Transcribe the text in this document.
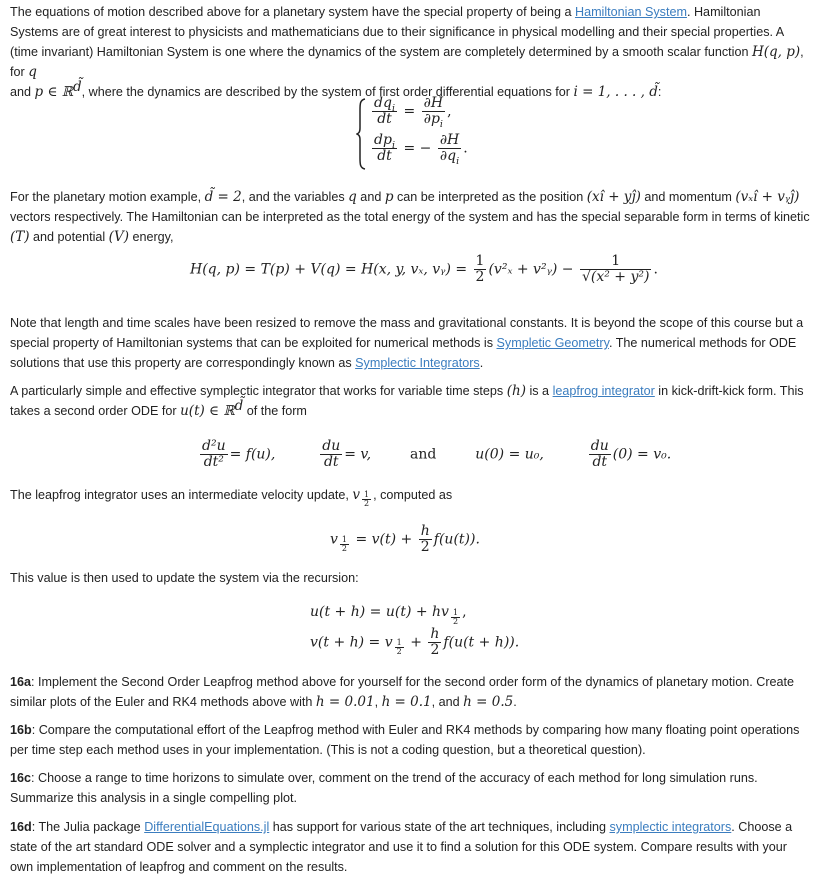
The equations of motion described above for a planetary system have the special property of being a Hamiltonian System. Hamiltonian Systems are of great interest to physicists and mathematicians due to their significance in physical modelling and their special properties. A (time invariant) Hamiltonian System is one where the dynamics of the system are completely determined by a smooth scalar function H(q, p), for q
and p ∈ ℝ$^{d̃}$, where the dynamics are described by the system of first order differential equations for i = 1, . . . , d̃:
$\frac{dq_i}{dt} = \frac{\partial H}{\partial p_i}$ ,
$\frac{dp_i}{dt}$ = − $\frac{\partial H}{\partial q_i}$ .
For the planetary motion example, d̃ = 2, and the variables q and p can be interpreted as the position (xî + yĵ) and momentum (vₓî + vᵧĵ) vectors respectively. The Hamiltonian can be interpreted as the total energy of the system and has the special separable form in terms of kinetic (T) and potential (V) energy,
H(q, p) = T(p) + V(q) = H(x, y, vₓ, vᵧ) = $\frac{1}{2} (v^2_x$ + v²ᵧ) − $\frac{1}{\text{√(x² + y²)}}$ .
Note that length and time scales have been resized to remove the mass and gravitational constants. It is beyond the scope of this course but a special property of Hamiltonian systems that can be exploited for numerical methods is Sympletic Geometry. The numerical methods for ODE solutions that use this property are correspondingly known as Symplectic Integrators.
A particularly simple and effective symplectic integrator that works for variable time steps (h) is a leapfrog integrator in kick-drift-kick form. This takes a second order ODE for u(t) ∈ ℝ$^{d̃}$ of the form
$\frac{\text{d²u}}{\text{dt²}} = f(u)$,	$\frac{du}{dt} = v$,	and	u(0) = u₀,	$\frac{du}{dt} (0) = v_0$.
The leapfrog integrator uses an intermediate velocity update, v $_{\frac{1}{2}}$ , computed as
v $_{\frac{1}{2}} = v(t) + \frac{h}{2} f(u(t))$.
This value is then used to update the system via the recursion:
u(t + h) = u(t) + hv $_{\frac{1}{2}}$ ,
v(t + h) = v $_{\frac{1}{2}} + \frac{h}{2} f(u(t + h))$.
16a: Implement the Second Order Leapfrog method above for yourself for the second order form of the dynamics of planetary motion. Create similar plots of the Euler and RK4 methods above with h = 0.01, h = 0.1, and h = 0.5.
16b: Compare the computational effort of the Leapfrog method with Euler and RK4 methods by comparing how many floating point operations per time step each method uses in your implementation. (This is not a coding question, but a theoretical question).
16c: Choose a range to time horizons to simulate over, comment on the trend of the accuracy of each method for long simulation runs. Summarize this analysis in a single compelling plot.
16d: The Julia package DifferentialEquations.jl has support for various state of the art techniques, including symplectic integrators. Choose a state of the art standard ODE solver and a symplectic integrator and use it to find a solution for this ODE system. Compare results with your own implementation of leapfrog and comment on the results.
